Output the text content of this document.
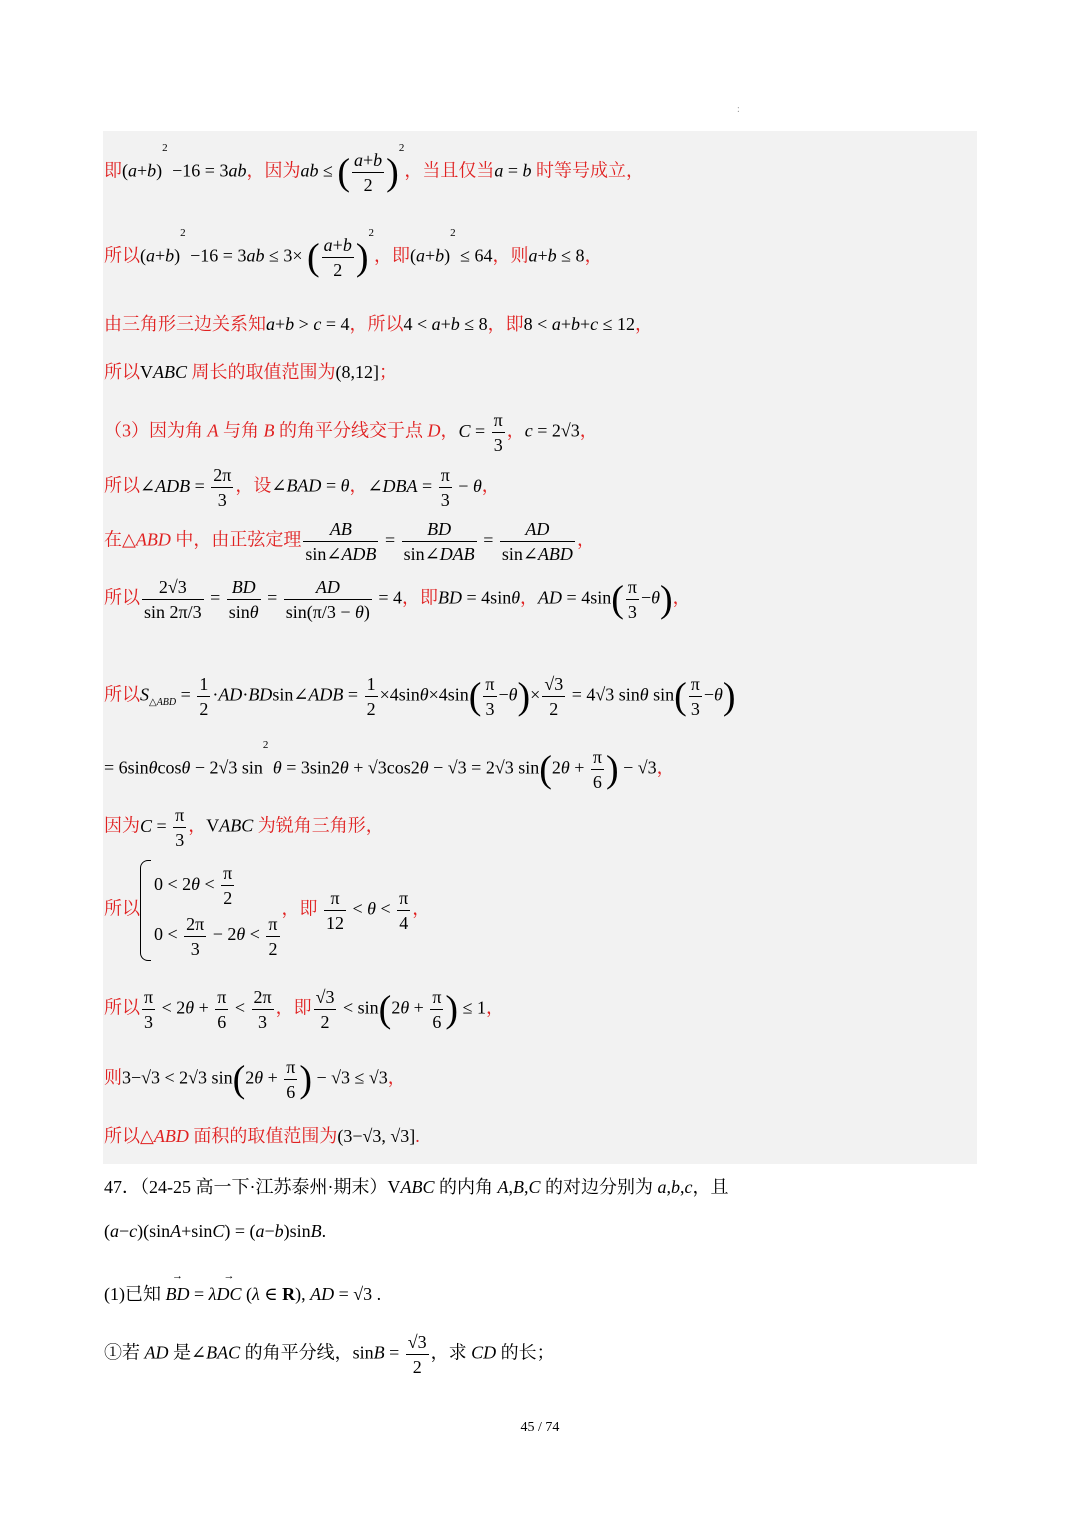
:
即$(a+b)^2 -16 = 3ab$，因为ab ≤ ( $\frac{a+b}{2} )^2$，当且仅当a = b 时等号成立，
所以$(a+b)^2 -16 = 3ab \le 3\times$ ( $\frac{a+b}{2} )^2$，即$(a+b)^2 \le 64$，则a+b ≤ 8，
由三角形三边关系知a+b > c = 4，所以4 < a+b ≤ 8，即8 < a+b+c ≤ 12，
所以VABC 周长的取值范围为(8,12]；
（3）因为角 A 与角 B 的角平分线交于点 D，$C = \frac{\pi}{3}$ ，c = 2√3，
所以∠ADB = $\frac{2\pi}{3}$ ，设∠BAD = θ，∠DBA = $\frac{\pi}{3} - \theta$，
在△ABD 中，由正弦定理 $\frac{AB}{\text{sin∠ADB}} = \frac{BD}{\text{sin∠DAB}} = \frac{AD}{\text{sin∠ABD}}$ ，
所以 $\frac{2√3}{\sin 2\pi/3} = \frac{BD}{\sin\theta} = \frac{AD}{\sin(\pi/3 - \theta)} = 4$，即BD = 4sinθ，AD = $4\sin( \frac{\pi}{3} -\theta)$，
所以$S_{\triangle ABD} = \frac{1}{2}$ ·AD·BDsin∠ADB = $\frac{1}{2} \times 4\sin\theta\times 4\sin( \frac{\pi}{3} -\theta)\times \frac{√3}{2} = 4√3$ sinθ $\sin( \frac{\pi}{3} -\theta)$
= 6sinθcosθ − 2√3 $\sin^2 \theta = 3\sin 2\theta + √3\cos 2\theta - √3 = 2√3$ $\sin(2\theta + \frac{\pi}{6}$ ) − √3，
因为$C = \frac{\pi}{3}$ ，VABC 为锐角三角形，
所以
$0 < 2\theta < \frac{\pi}{2}$
$0 < \frac{2\pi}{3} - 2\theta < \frac{\pi}{2}$
，即 $\frac{\pi}{12} < \theta < \frac{\pi}{4}$ ，
所以 $\frac{\pi}{3} < 2\theta + \frac{\pi}{6} < \frac{2\pi}{3}$ ，即 $\frac{√3}{2} < \sin(2\theta + \frac{\pi}{6}$ ) ≤ 1，
则3−√3 < 2√3 $\sin(2\theta + \frac{\pi}{6}$ ) − √3 ≤ √3，
所以△ABD 面积的取值范围为(3−√3, √3].
47．（24-25 高一下·江苏泰州·期末）VABC 的内角 A,B,C 的对边分别为 a,b,c，且
(a−c)(sinA+sinC) = (a−b)sinB.
(1)已知 → BD = λ→ DC (λ ∈ R), AD = √3 .
①若 AD 是∠BAC 的角平分线，$\sin B = \frac{√3}{2}$ ，求 CD 的长；
45 / 74
